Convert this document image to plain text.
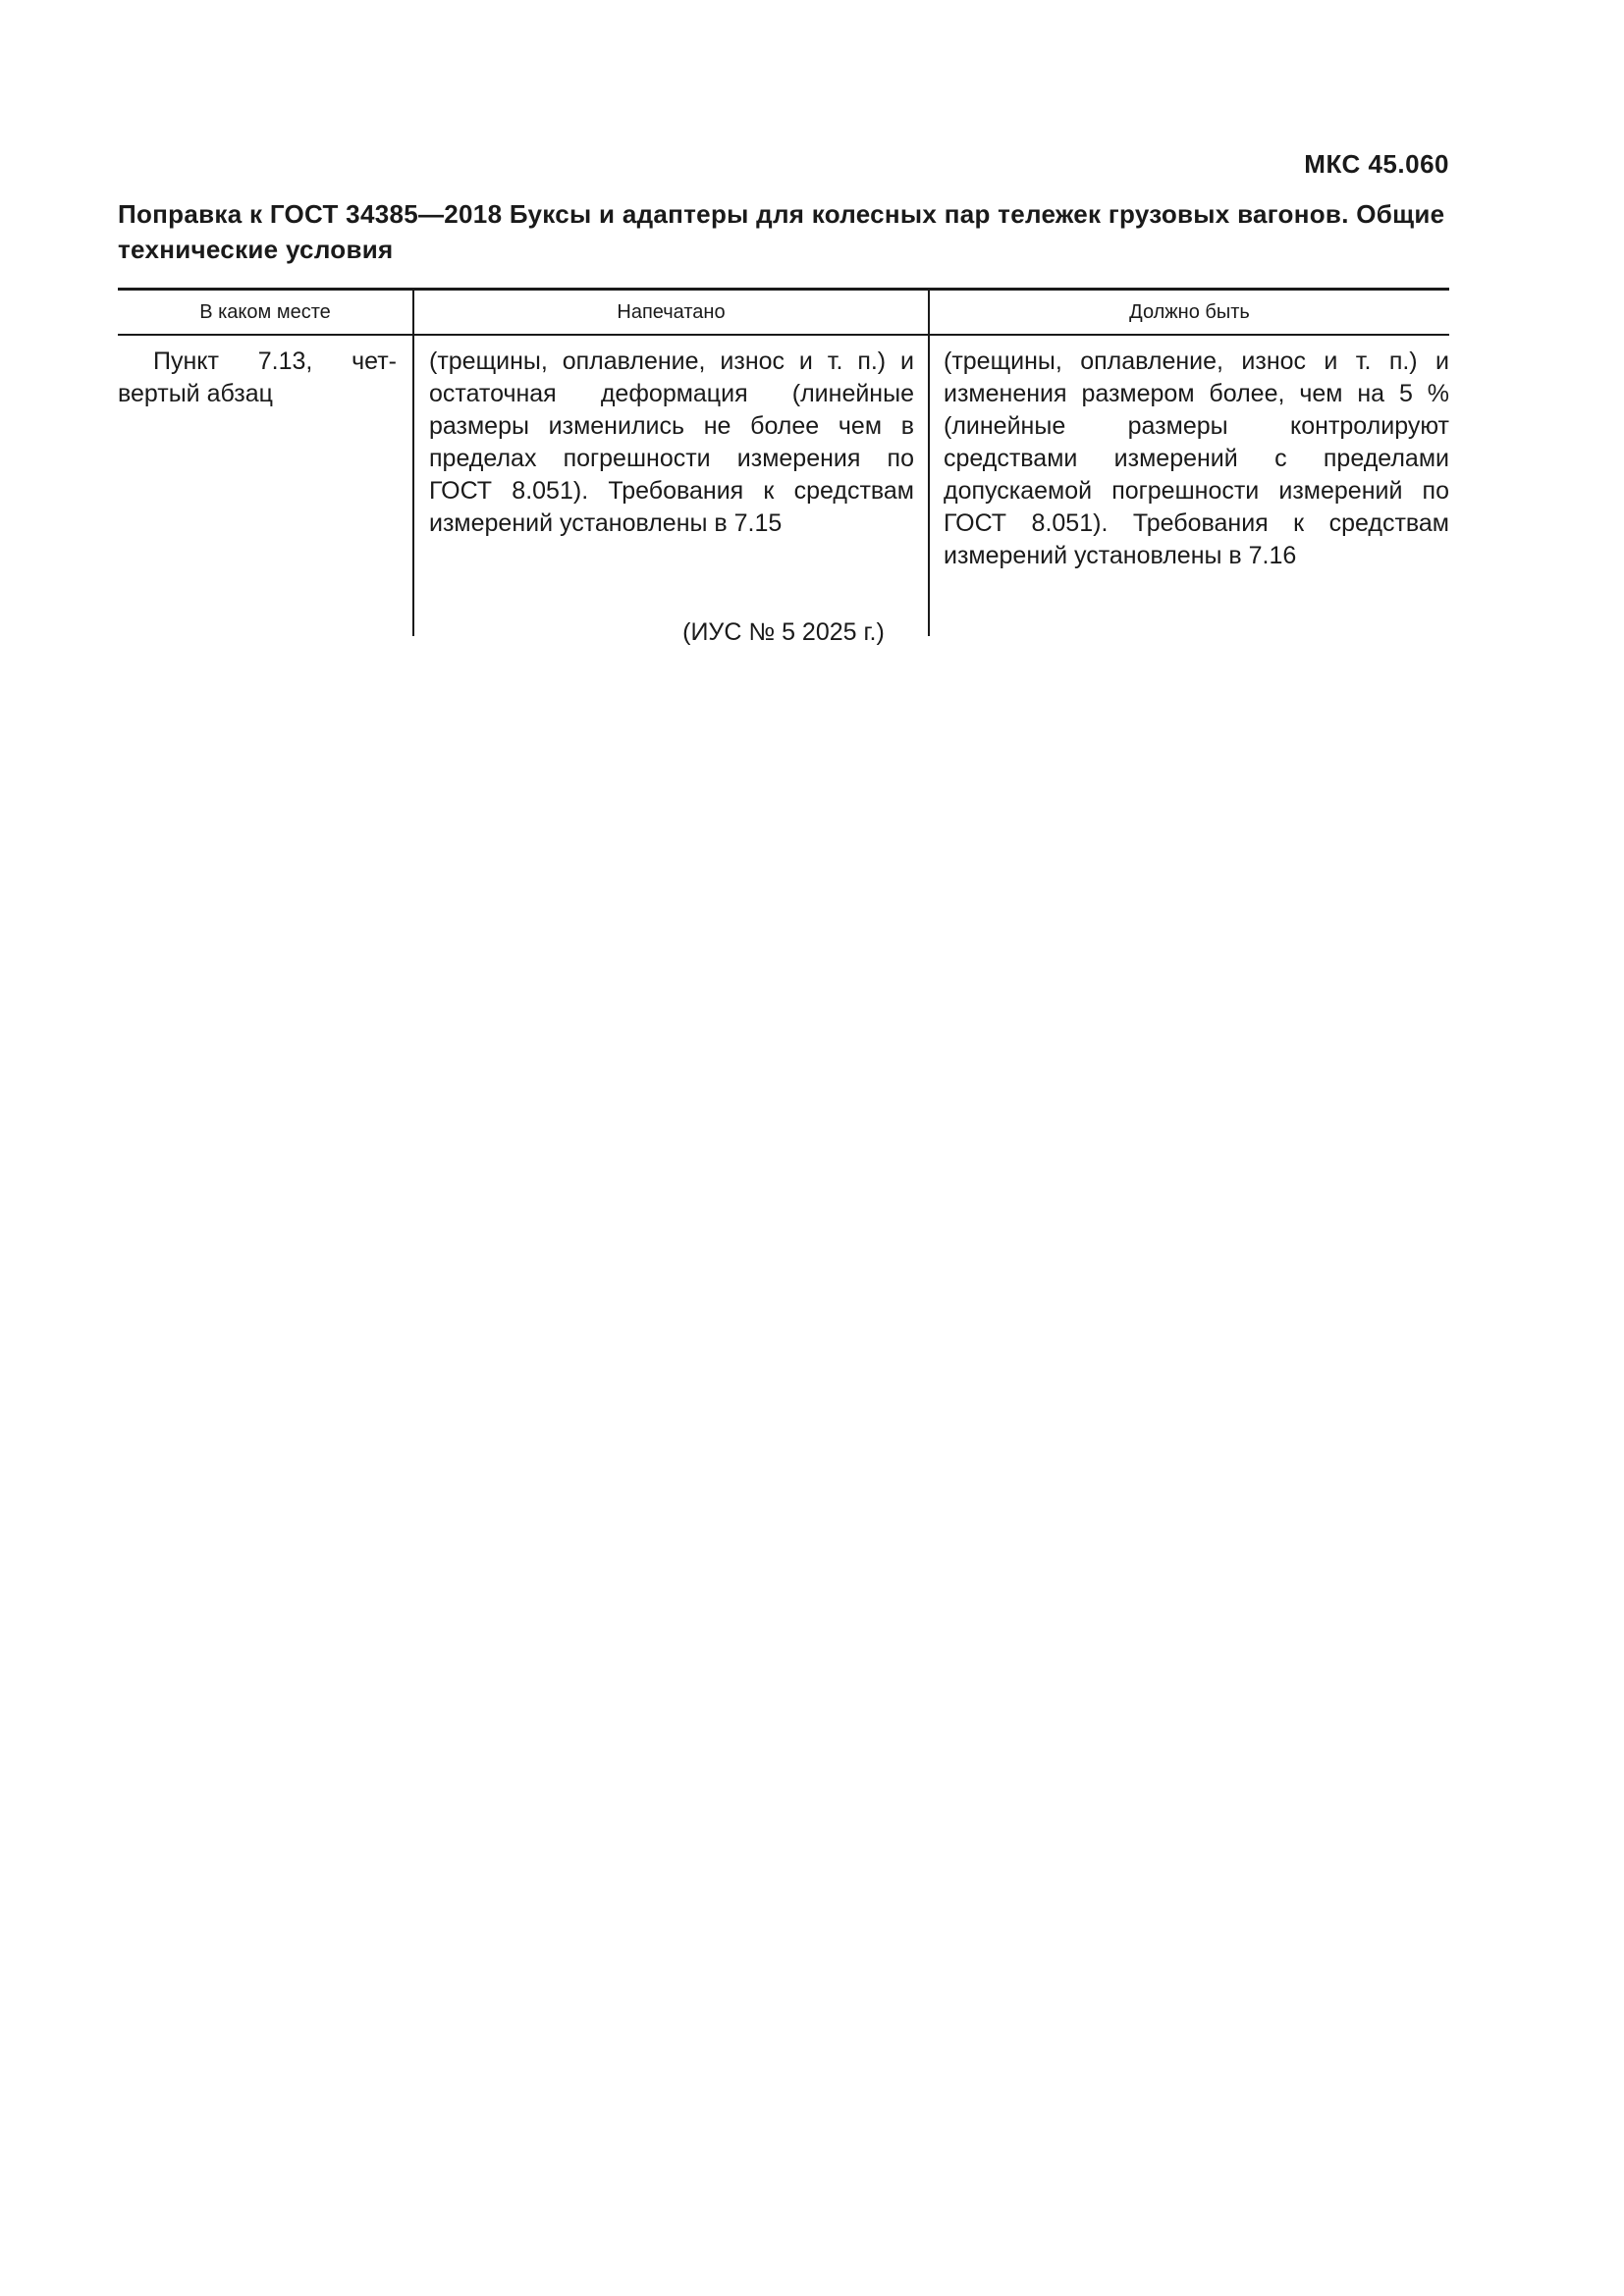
МКС 45.060
Поправка к ГОСТ 34385—2018 Буксы и адаптеры для колесных пар тележек грузовых вагонов. Общие технические условия
В каком месте	Напечатано	Должно быть
Пункт 7.13, четвертый абзац
(трещины, оплавление, износ и т. п.) и остаточная деформация (линейные размеры изменились не более чем в пределах погрешности измерения по ГОСТ 8.051). Требования к средствам измерений установлены в 7.15
(трещины, оплавление, износ и т. п.) и изменения размером более, чем на 5 % (линейные размеры контролируют средствами измерений с пределами допускаемой погрешности измерений по ГОСТ 8.051). Требования к средствам измерений установлены в 7.16
(ИУС № 5 2025 г.)
